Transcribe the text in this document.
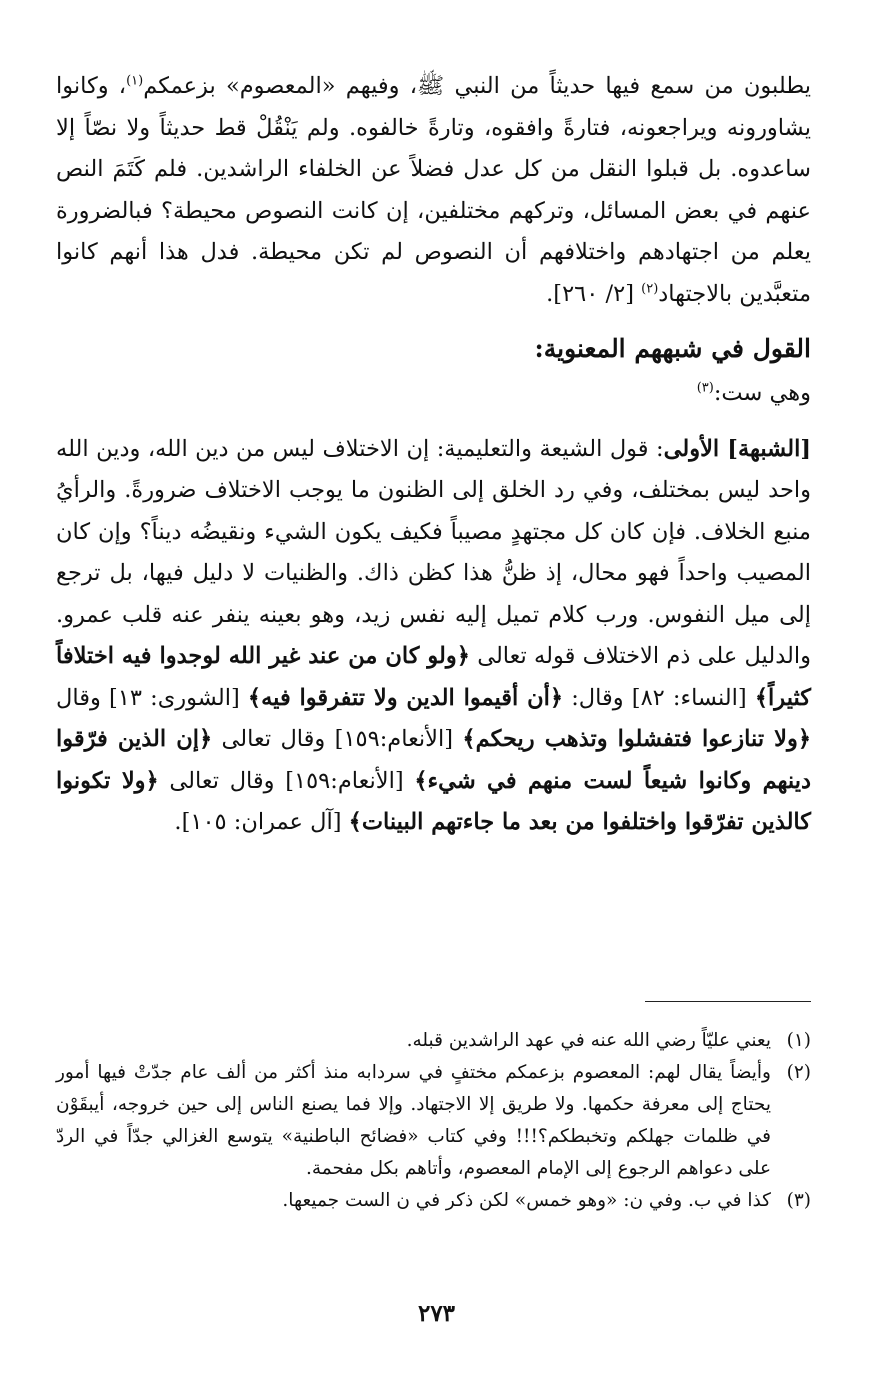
يطلبون من سمع فيها حديثاً من النبي ﷺ، وفيهم «المعصوم» بزعمكم$^{(١)}$، وكانوا يشاورونه ويراجعونه، فتارةً وافقوه، وتارةً خالفوه. ولم يَنْقُلْ قط حديثاً ولا نصّاً إلا ساعدوه. بل قبلوا النقل من كل عدل فضلاً عن الخلفاء الراشدين. فلم كَتَمَ النص عنهم في بعض المسائل، وتركهم مختلفين، إن كانت النصوص محيطة؟ فبالضرورة يعلم من اجتهادهم واختلافهم أن النصوص لم تكن محيطة. فدل هذا أنهم كانوا متعبَّدين بالاجتهاد$^{(٢)}$ [٢/ ٢٦٠].

القول في شبههم المعنوية:

وهي ست:$^{(٣)}$

[الشبهة] الأولى: قول الشيعة والتعليمية: إن الاختلاف ليس من دين الله، ودين الله واحد ليس بمختلف، وفي رد الخلق إلى الظنون ما يوجب الاختلاف ضرورةً. والرأيُ منبع الخلاف. فإن كان كل مجتهدٍ مصيباً فكيف يكون الشيء ونقيضُه ديناً؟ وإن كان المصيب واحداً فهو محال، إذ ظنُّ هذا كظن ذاك. والظنيات لا دليل فيها، بل ترجع إلى ميل النفوس. ورب كلام تميل إليه نفس زيد، وهو بعينه ينفر عنه قلب عمرو. والدليل على ذم الاختلاف قوله تعالى ﴿ولو كان من عند غير الله لوجدوا فيه اختلافاً كثيراً﴾ [النساء: ٨٢] وقال: ﴿أن أقيموا الدين ولا تتفرقوا فيه﴾ [الشورى: ١٣] وقال ﴿ولا تنازعوا فتفشلوا وتذهب ريحكم﴾ [الأنعام:١٥٩] وقال تعالى ﴿إن الذين فرّقوا دينهم وكانوا شيعاً لست منهم في شيء﴾ [الأنعام:١٥٩] وقال تعالى ﴿ولا تكونوا كالذين تفرّقوا واختلفوا من بعد ما جاءتهم البينات﴾ [آل عمران: ١٠٥].

(١)
يعني عليّاً رضي الله عنه في عهد الراشدين قبله.
(٢)
وأيضاً يقال لهم: المعصوم بزعمكم مختفٍ في سردابه منذ أكثر من ألف عام جدّتْ فيها أمور يحتاج إلى معرفة حكمها. ولا طريق إلا الاجتهاد. وإلا فما يصنع الناس إلى حين خروجه، أيبقَوْن في ظلمات جهلكم وتخبطكم؟!!! وفي كتاب «فضائح الباطنية» يتوسع الغزالي جدّاً في الردّ على دعواهم الرجوع إلى الإمام المعصوم، وأتاهم بكل مفحمة.
(٣)
كذا في ب. وفي ن: «وهو خمس» لكن ذكر في ن الست جميعها.
٢٧٣
